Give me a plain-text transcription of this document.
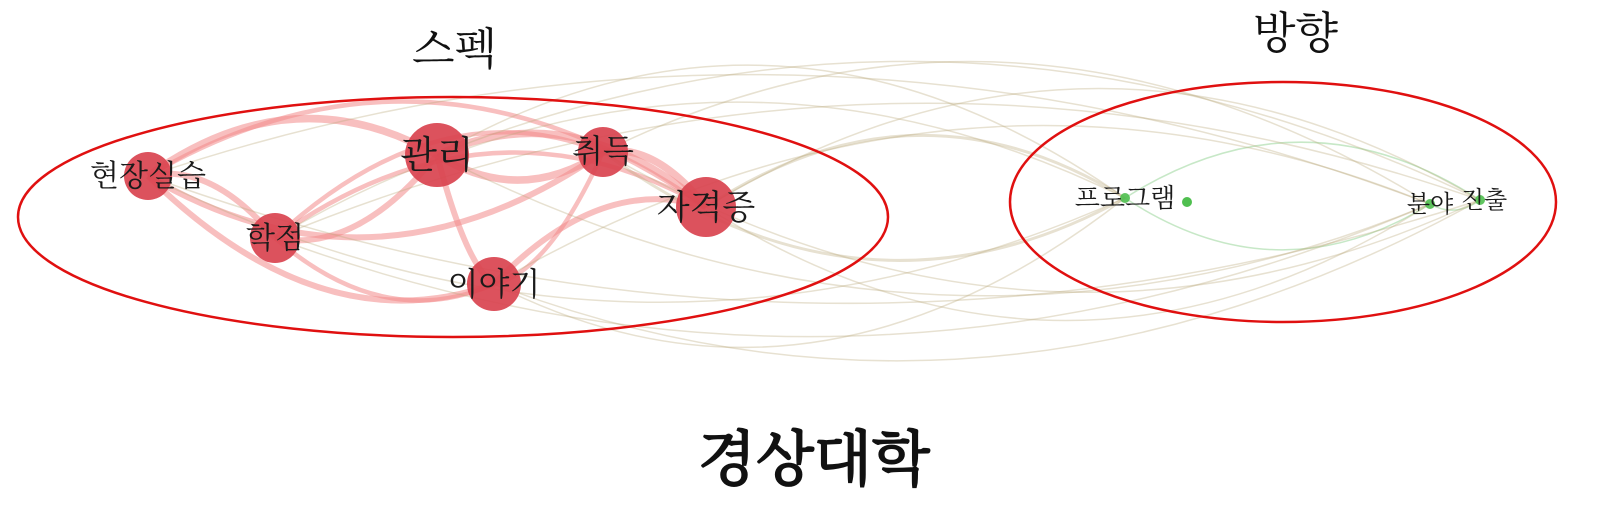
현장실습
학점
관리	취득
자격증
이야기
프로그램	분야 진출
스펙	방향
경상대학
